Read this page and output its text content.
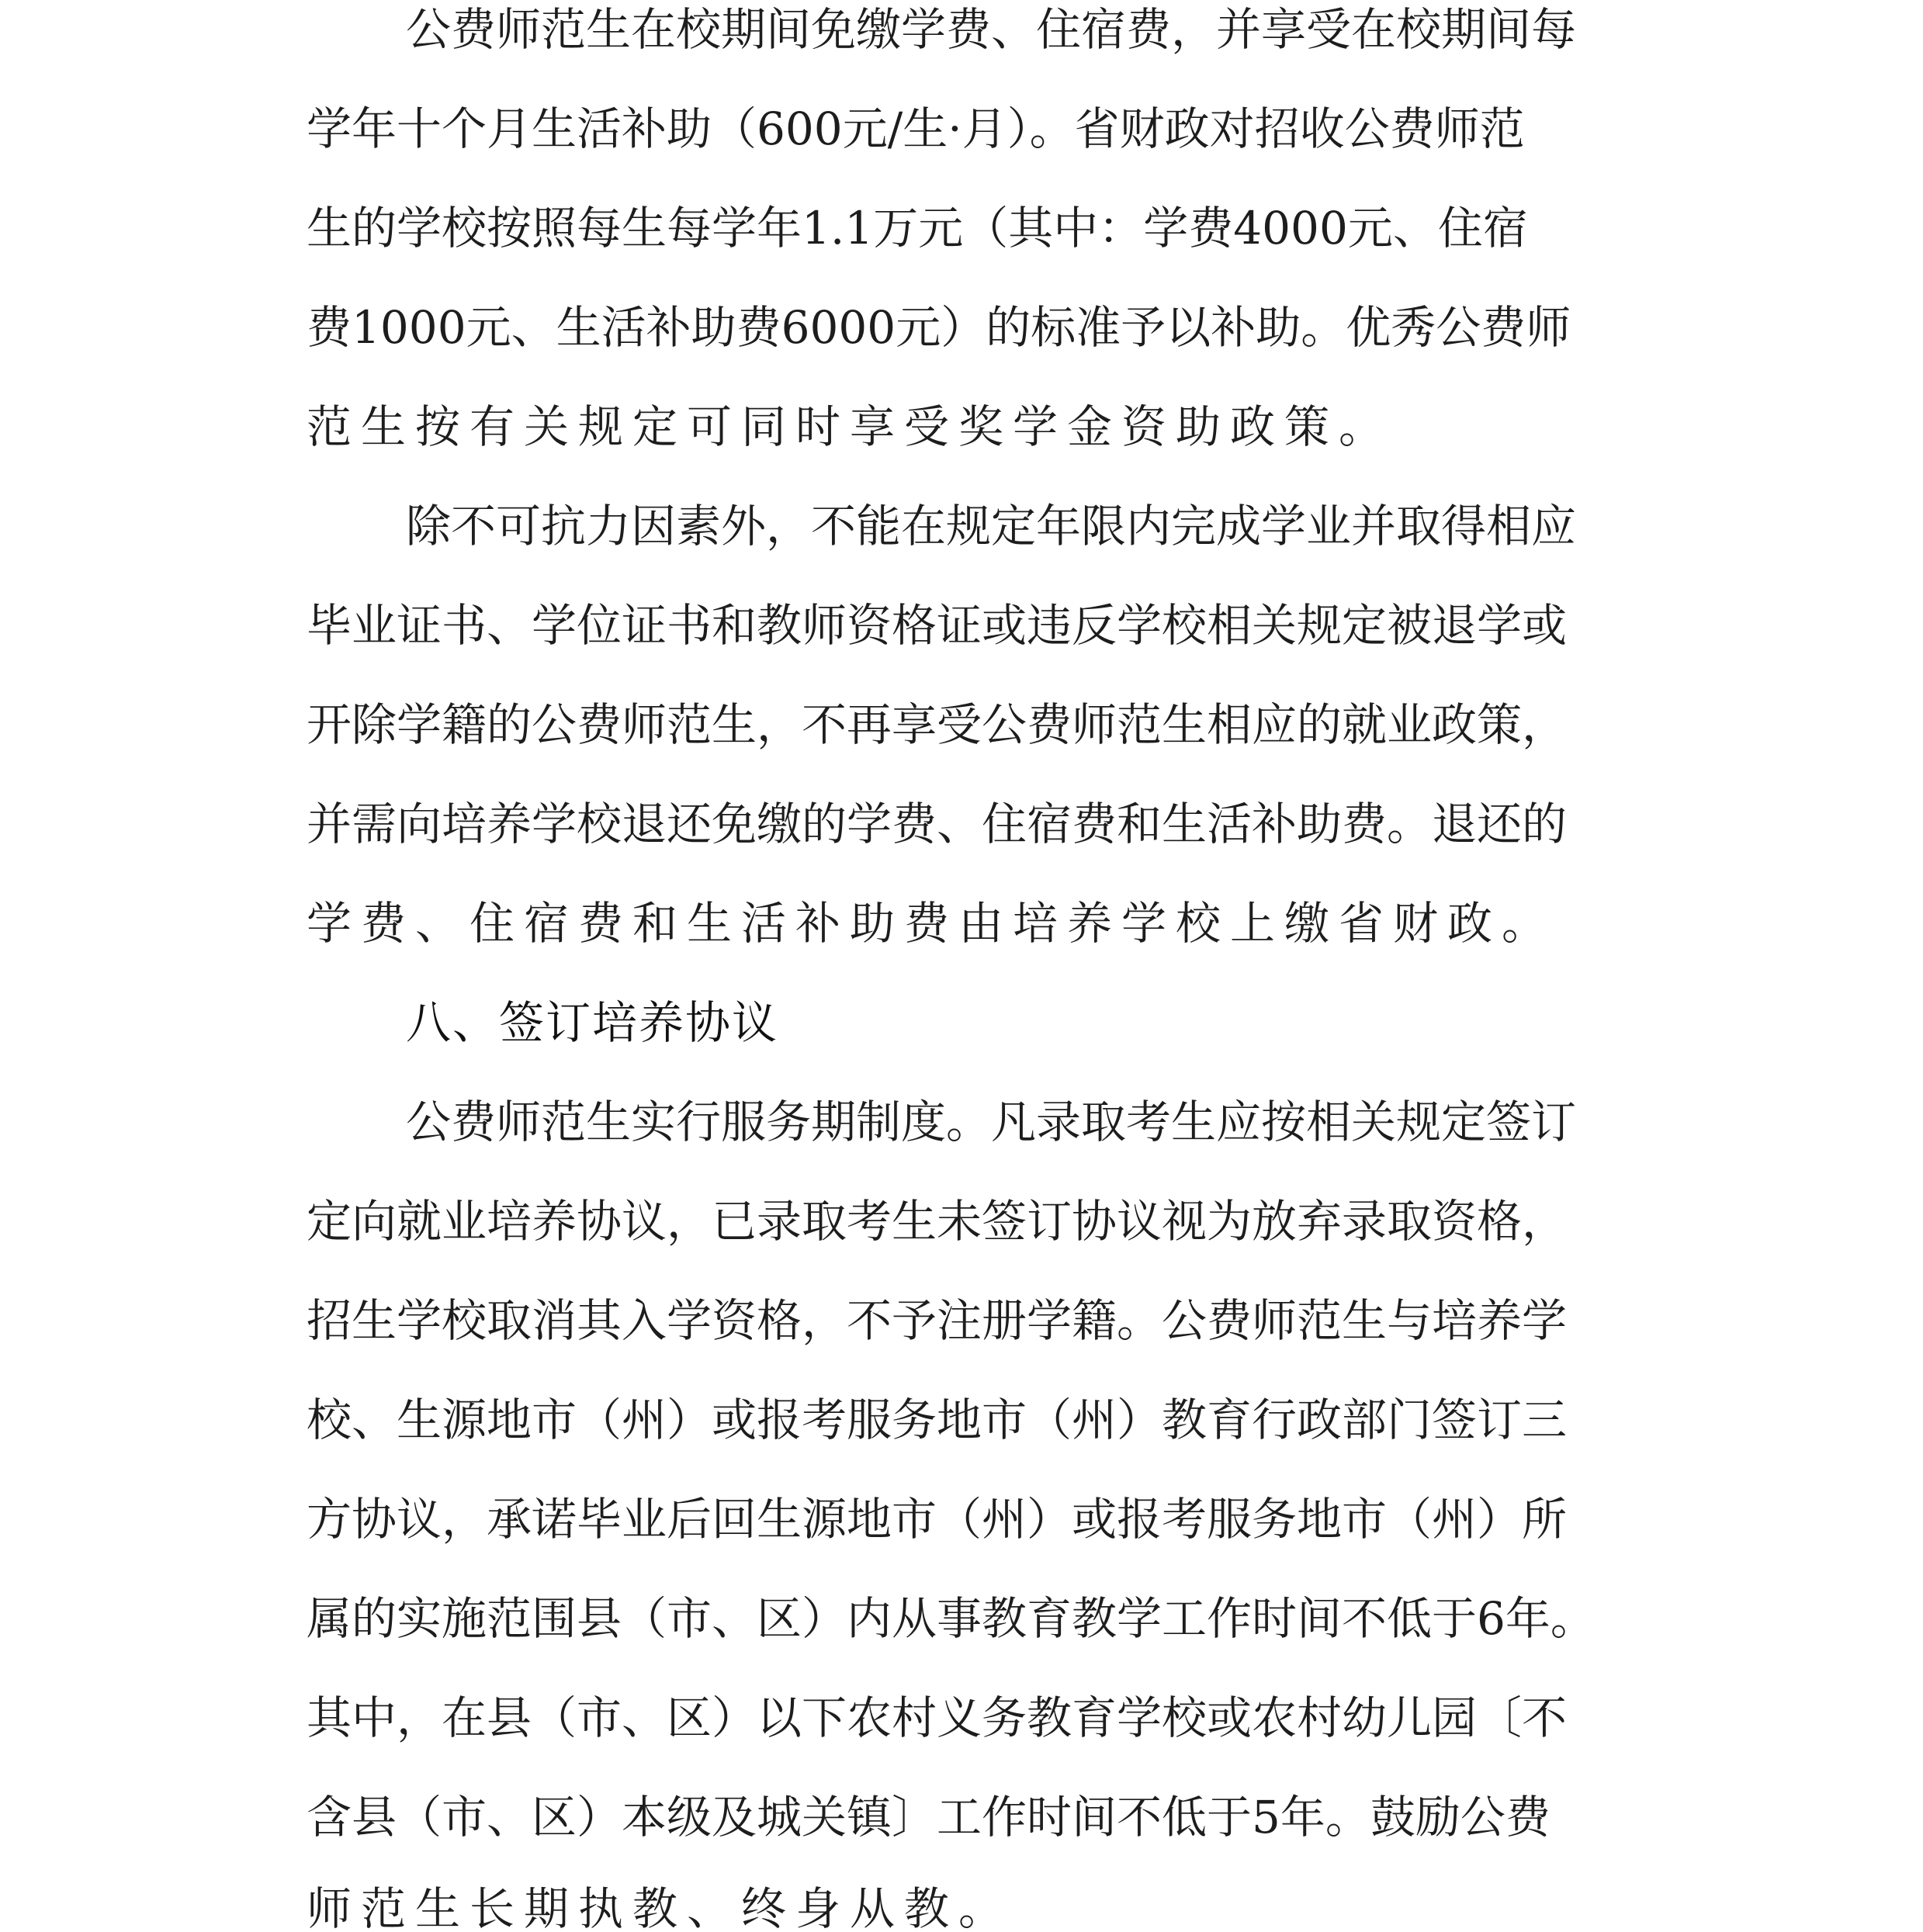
公费师范生在校期间免缴学费、住宿费，并享受在校期间每
学年十个月生活补助（600元/生·月）。省财政对招收公费师范
生的学校按照每生每学年1.1万元（其中：学费4000元、住宿
费1000元、生活补助费6000元）的标准予以补助。优秀公费师
范生按有关规定可同时享受奖学金资助政策。
除不可抗力因素外，不能在规定年限内完成学业并取得相应
毕业证书、学位证书和教师资格证或违反学校相关规定被退学或
开除学籍的公费师范生，不再享受公费师范生相应的就业政策，
并需向培养学校退还免缴的学费、住宿费和生活补助费。退还的
学费、住宿费和生活补助费由培养学校上缴省财政。
八、签订培养协议
公费师范生实行服务期制度。凡录取考生应按相关规定签订
定向就业培养协议，已录取考生未签订协议视为放弃录取资格，
招生学校取消其入学资格，不予注册学籍。公费师范生与培养学
校、生源地市（州）或报考服务地市（州）教育行政部门签订三
方协议，承诺毕业后回生源地市（州）或报考服务地市（州）所
属的实施范围县（市、区）内从事教育教学工作时间不低于6年。
其中，在县（市、区）以下农村义务教育学校或农村幼儿园〔不
含县（市、区）本级及城关镇〕工作时间不低于5年。鼓励公费
师范生长期执教、终身从教。
